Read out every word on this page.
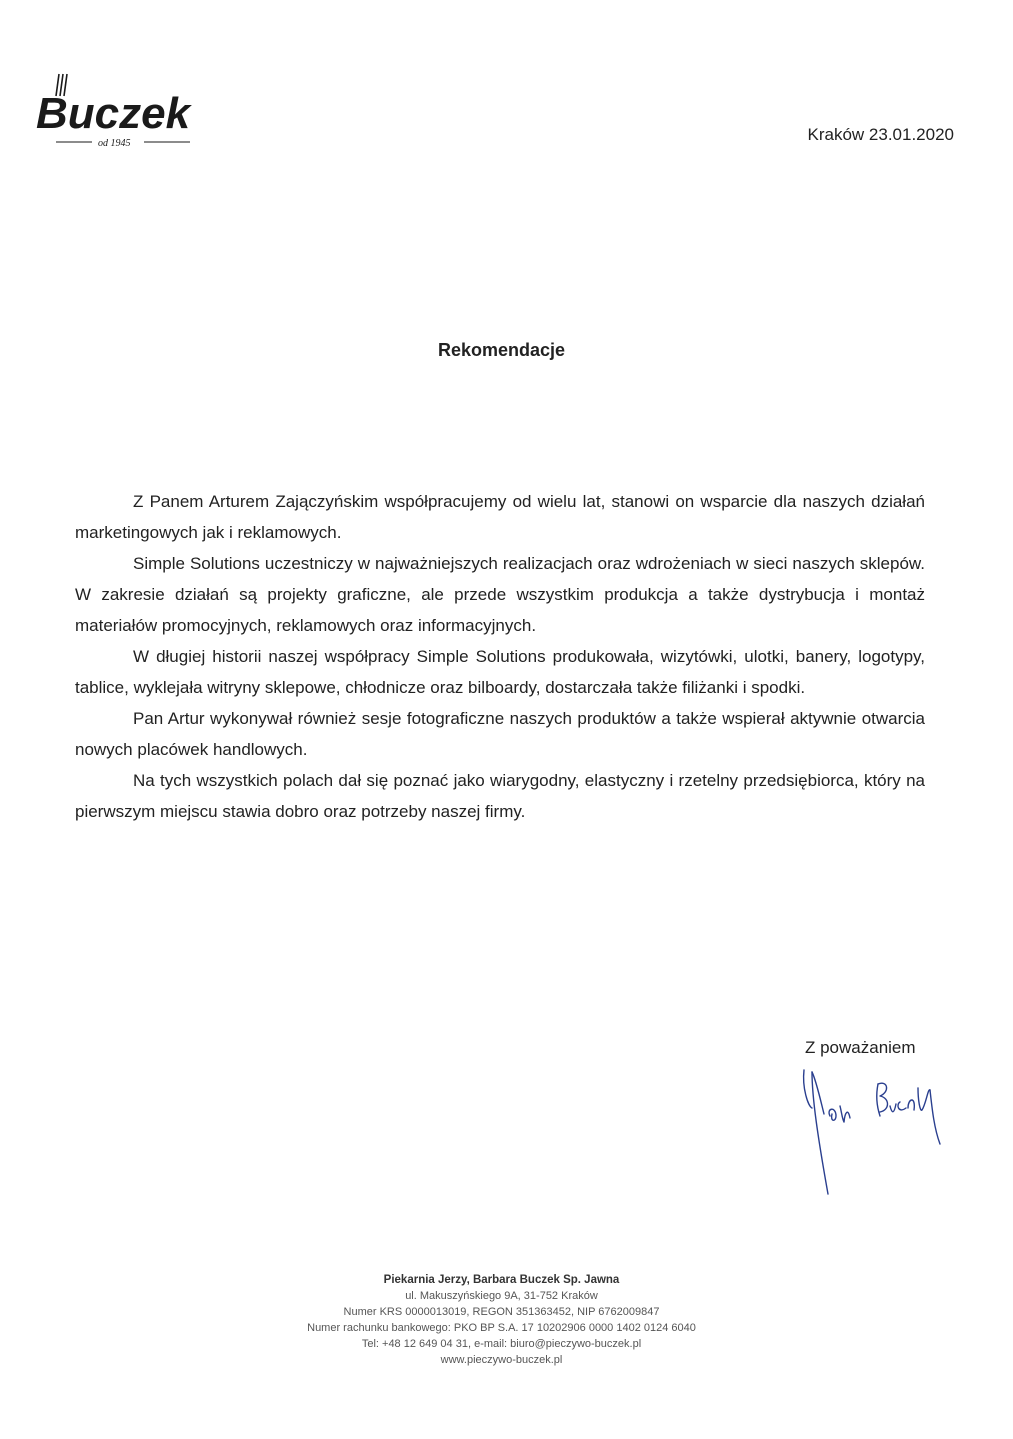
Buczek
od 1945	Kraków 23.01.2020
Rekomendacje

Z Panem Arturem Zajączyńskim współpracujemy od wielu lat, stanowi on wsparcie dla naszych działań marketingowych jak i reklamowych.

Simple Solutions uczestniczy w najważniejszych realizacjach oraz wdrożeniach w sieci naszych sklepów. W zakresie działań są projekty graficzne, ale przede wszystkim produkcja a także dystrybucja i montaż materiałów promocyjnych, reklamowych oraz informacyjnych.

W długiej historii naszej współpracy Simple Solutions produkowała, wizytówki, ulotki, banery, logotypy, tablice, wyklejała witryny sklepowe, chłodnicze oraz bilboardy, dostarczała także filiżanki i spodki.

Pan Artur wykonywał również sesje fotograficzne naszych produktów a także wspierał aktywnie otwarcia nowych placówek handlowych.

Na tych wszystkich polach dał się poznać jako wiarygodny, elastyczny i rzetelny przedsiębiorca, który na pierwszym miejscu stawia dobro oraz potrzeby naszej firmy.

Z poważaniem
Piekarnia Jerzy, Barbara Buczek Sp. Jawna
ul. Makuszyńskiego 9A, 31-752 Kraków
Numer KRS 0000013019, REGON 351363452, NIP 6762009847
Numer rachunku bankowego: PKO BP S.A. 17 10202906 0000 1402 0124 6040
Tel: +48 12 649 04 31, e-mail: biuro@pieczywo-buczek.pl
www.pieczywo-buczek.pl
